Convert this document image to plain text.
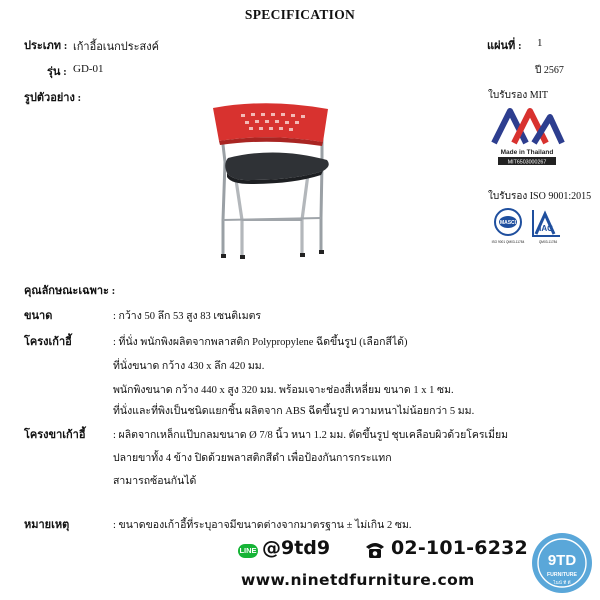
SPECIFICATION
ประเภท : เก้าอี้อเนกประสงค์	แผ่นที่ : 1
รุ่น : GD-01	ปี 2567
รูปตัวอย่าง :	ใบรับรอง MIT
Made in Thailand
MIT6503000267
ใบรับรอง ISO 9001:2015
MASCI
ISO 9001 QM03-11784
IAC
QM03-11784
คุณลักษณะเฉพาะ :
ขนาด	: กว้าง 50 ลึก 53 สูง 83 เซนติเมตร
โครงเก้าอี้	: ที่นั่ง พนักพิงผลิตจากพลาสติก Polypropylene ฉีดขึ้นรูป (เลือกสีได้)
ที่นั่งขนาด กว้าง 430 x ลึก 420 มม.
พนักพิงขนาด กว้าง 440 x สูง 320 มม. พร้อมเจาะช่องสี่เหลี่ยม ขนาด 1 x 1 ซม.
ที่นั่งและที่พิงเป็นชนิดแยกชิ้น ผลิตจาก ABS ฉีดขึ้นรูป ความหนาไม่น้อยกว่า 5 มม.
โครงขาเก้าอี้	: ผลิตจากเหล็กแป๊บกลมขนาด Ø 7/8 นิ้ว หนา 1.2 มม. ดัดขึ้นรูป ชุบเคลือบผิวด้วยโครเมี่ยม
ปลายขาทั้ง 4 ข้าง ปิดด้วยพลาสติกสีดำ เพื่อป้องกันการกระแทก
สามารถซ้อนกันได้
หมายเหตุ	: ขนาดของเก้าอี้ที่ระบุอาจมีขนาดต่างจากมาตรฐาน ± ไม่เกิน 2 ซม.
LINE @9td9	02-101-6232
www.ninetdfurniture.com
9TD
FURNITURE
ไนน์ ที ดี
